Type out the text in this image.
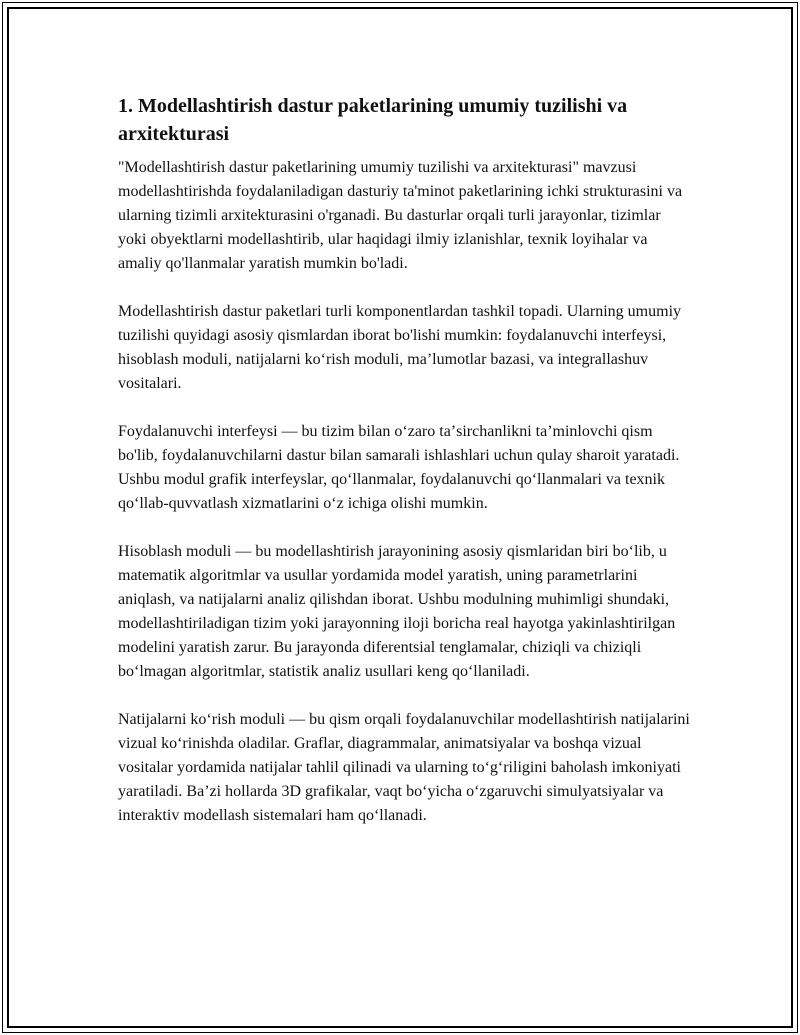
1. Modellashtirish dastur paketlarining umumiy tuzilishi va arxitekturasi

"Modellashtirish dastur paketlarining umumiy tuzilishi va arxitekturasi" mavzusi modellashtirishda foydalaniladigan dasturiy ta'minot paketlarining ichki strukturasini va ularning tizimli arxitekturasini o'rganadi. Bu dasturlar orqali turli jarayonlar, tizimlar yoki obyektlarni modellashtirib, ular haqidagi ilmiy izlanishlar, texnik loyihalar va amaliy qo'llanmalar yaratish mumkin bo'ladi.

Modellashtirish dastur paketlari turli komponentlardan tashkil topadi. Ularning umumiy tuzilishi quyidagi asosiy qismlardan iborat bo'lishi mumkin: foydalanuvchi interfeysi, hisoblash moduli, natijalarni koʻrish moduli, maʼlumotlar bazasi, va integrallashuv vositalari.

Foydalanuvchi interfeysi — bu tizim bilan oʻzaro taʼsirchanlikni taʼminlovchi qism bo'lib, foydalanuvchilarni dastur bilan samarali ishlashlari uchun qulay sharoit yaratadi. Ushbu modul grafik interfeyslar, qoʻllanmalar, foydalanuvchi qoʻllanmalari va texnik qoʻllab-quvvatlash xizmatlarini oʻz ichiga olishi mumkin.

Hisoblash moduli — bu modellashtirish jarayonining asosiy qismlaridan biri boʻlib, u matematik algoritmlar va usullar yordamida model yaratish, uning parametrlarini aniqlash, va natijalarni analiz qilishdan iborat. Ushbu modulning muhimligi shundaki, modellashtiriladigan tizim yoki jarayonning iloji boricha real hayotga yakinlashtirilgan modelini yaratish zarur. Bu jarayonda diferentsial tenglamalar, chiziqli va chiziqli boʻlmagan algoritmlar, statistik analiz usullari keng qoʻllaniladi.

Natijalarni koʻrish moduli — bu qism orqali foydalanuvchilar modellashtirish natijalarini vizual koʻrinishda oladilar. Graflar, diagrammalar, animatsiyalar va boshqa vizual vositalar yordamida natijalar tahlil qilinadi va ularning toʻgʻriligini baholash imkoniyati yaratiladi. Baʼzi hollarda 3D grafikalar, vaqt boʻyicha oʻzgaruvchi simulyatsiyalar va interaktiv modellash sistemalari ham qoʻllanadi.
